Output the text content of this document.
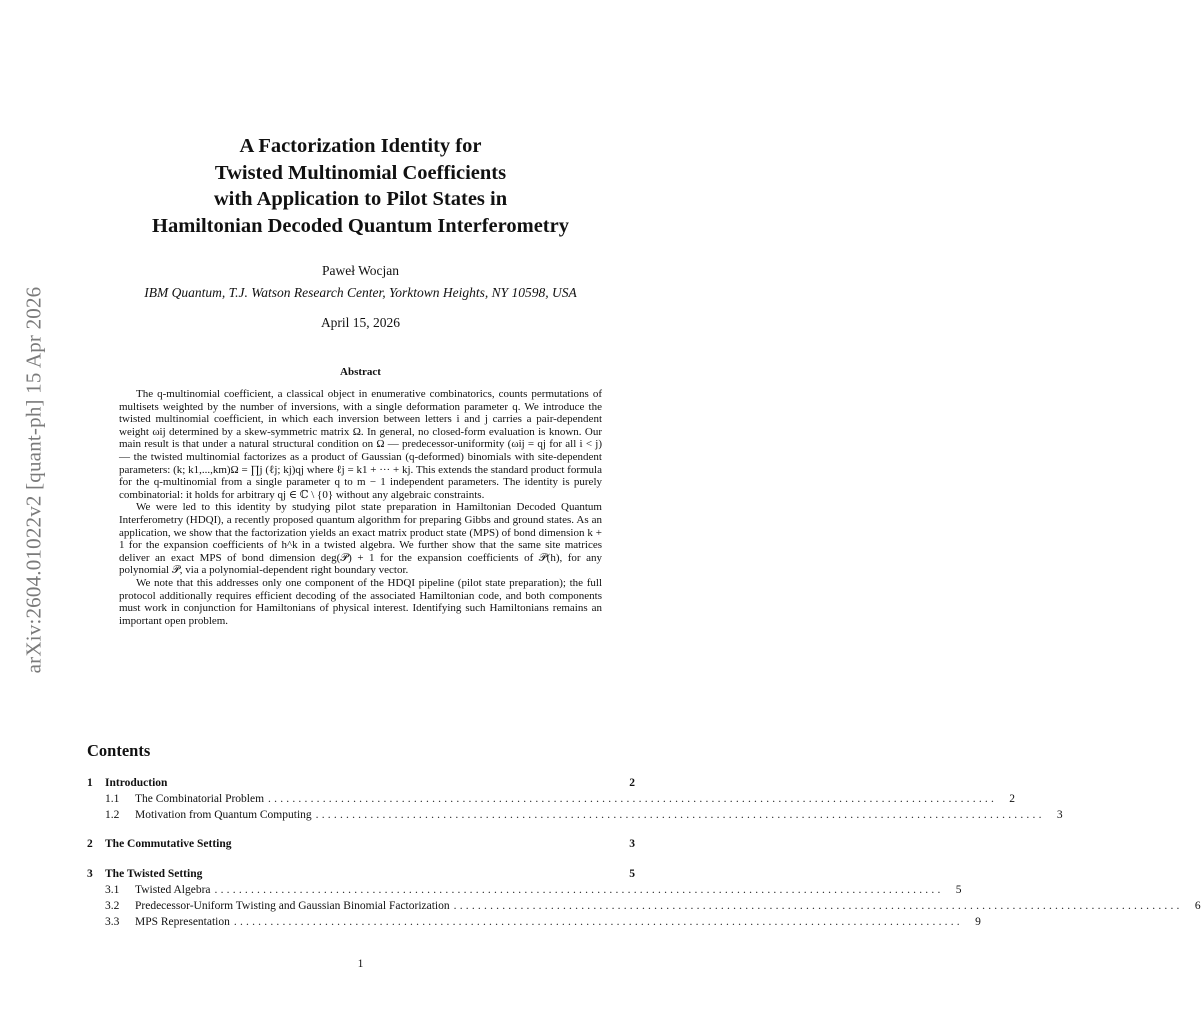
arXiv:2604.01022v2 [quant-ph] 15 Apr 2026
A Factorization Identity for
Twisted Multinomial Coefficients
with Application to Pilot States in
Hamiltonian Decoded Quantum Interferometry
Paweł Wocjan
IBM Quantum, T.J. Watson Research Center, Yorktown Heights, NY 10598, USA
April 15, 2026
Abstract

The q-multinomial coefficient, a classical object in enumerative combinatorics, counts permutations of multisets weighted by the number of inversions, with a single deformation parameter q. We introduce the twisted multinomial coefficient, in which each inversion between letters i and j carries a pair-dependent weight ωij determined by a skew-symmetric matrix Ω. In general, no closed-form evaluation is known. Our main result is that under a natural structural condition on Ω — predecessor-uniformity (ωij = qj for all i < j) — the twisted multinomial factorizes as a product of Gaussian (q-deformed) binomials with site-dependent parameters: (k; k1,...,km)Ω = ∏j (ℓj; kj)qj where ℓj = k1 + ··· + kj. This extends the standard product formula for the q-multinomial from a single parameter q to m − 1 independent parameters. The identity is purely combinatorial: it holds for arbitrary qj ∈ ℂ \ {0} without any algebraic constraints.

We were led to this identity by studying pilot state preparation in Hamiltonian Decoded Quantum Interferometry (HDQI), a recently proposed quantum algorithm for preparing Gibbs and ground states. As an application, we show that the factorization yields an exact matrix product state (MPS) of bond dimension k + 1 for the expansion coefficients of h^k in a twisted algebra. We further show that the same site matrices deliver an exact MPS of bond dimension deg(𝒫) + 1 for the expansion coefficients of 𝒫(h), for any polynomial 𝒫, via a polynomial-dependent right boundary vector.

We note that this addresses only one component of the HDQI pipeline (pilot state preparation); the full protocol additionally requires efficient decoding of the associated Hamiltonian code, and both components must work in conjunction for Hamiltonians of physical interest. Identifying such Hamiltonians remains an important open problem.

Contents
1	Introduction	2
1.1	The Combinatorial Problem ........................................................................................................................	2
1.2	Motivation from Quantum Computing ........................................................................................................................	3
2	The Commutative Setting	3
3	The Twisted Setting	5
3.1	Twisted Algebra ........................................................................................................................	5
3.2	Predecessor-Uniform Twisting and Gaussian Binomial Factorization ........................................................................................................................	6
3.3	MPS Representation ........................................................................................................................	9
1
